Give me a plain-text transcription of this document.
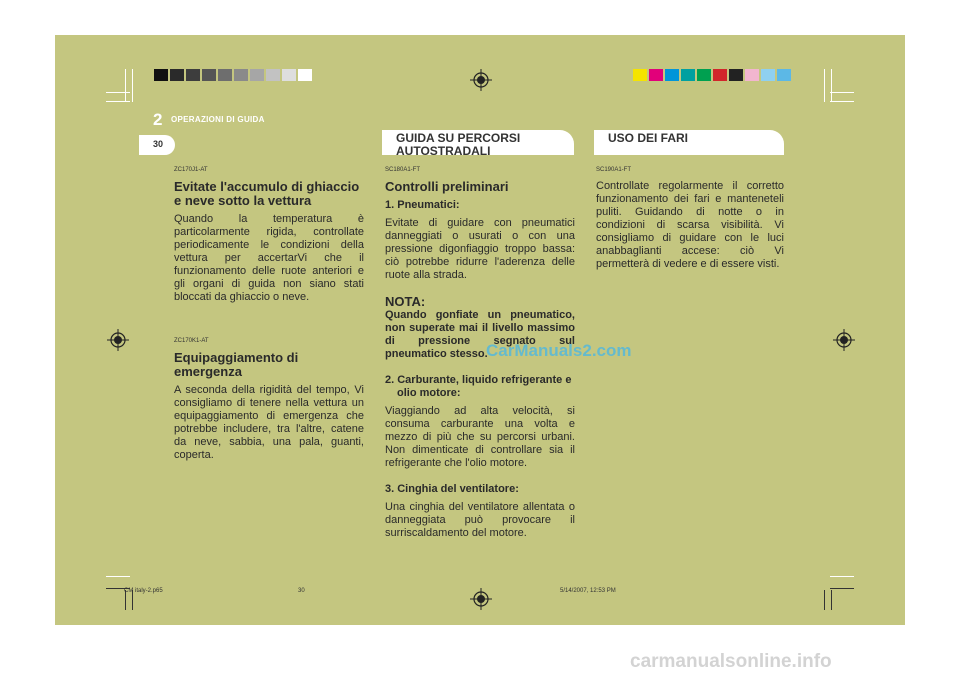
2 OPERAZIONI DI GUIDA
30	GUIDA SU PERCORSI AUTOSTRADALI
USO DEI FARI
ZC170J1-AT
Evitate l'accumulo di ghiaccio e neve sotto la vettura
Quando la temperatura è particolarmente rigida, controllate periodicamente le condizioni della vettura per accertarVi che il funzionamento delle ruote anteriori e gli organi di guida non siano stati bloccati da ghiaccio o neve.
ZC170K1-AT
Equipaggiamento di emergenza
A seconda della rigidità del tempo, Vi consigliamo di tenere nella vettura un equipaggiamento di emergenza che potrebbe includere, tra l'altre, catene da neve, sabbia, una pala, guanti, coperta.
SC180A1-FT
Controlli preliminari
1. Pneumatici:
Evitate di guidare con pneumatici danneggiati o usurati o con una pressione digonfiaggio troppo bassa: ciò potrebbe ridurre l'aderenza delle ruote alla strada.
NOTA:
Quando gonfiate un pneumatico, non superate mai il livello massimo di pressione segnato sul pneumatico stesso.
2. Carburante, liquido refrigerante e olio motore:
Viaggiando ad alta velocità, si consuma carburante una volta e mezzo di più che su percorsi urbani. Non dimenticate di controllare sia il refrigerante che l'olio motore.
3. Cinghia del ventilatore:
Una cinghia del ventilatore allentata o danneggiata può provocare il surriscaldamento del motore.
SC190A1-FT
Controllate regolarmente il corretto funzionamento dei fari e manteneteli puliti. Guidando di notte o in condizioni di scarsa visibilità. Vi consigliamo di guidare con le luci anabbaglianti accese: ciò Vi permetterà di vedere e di essere visti.
CarManuals2.com
CM italy-2.p65	30	5/14/2007, 12:53 PM
carmanualsonline.info
